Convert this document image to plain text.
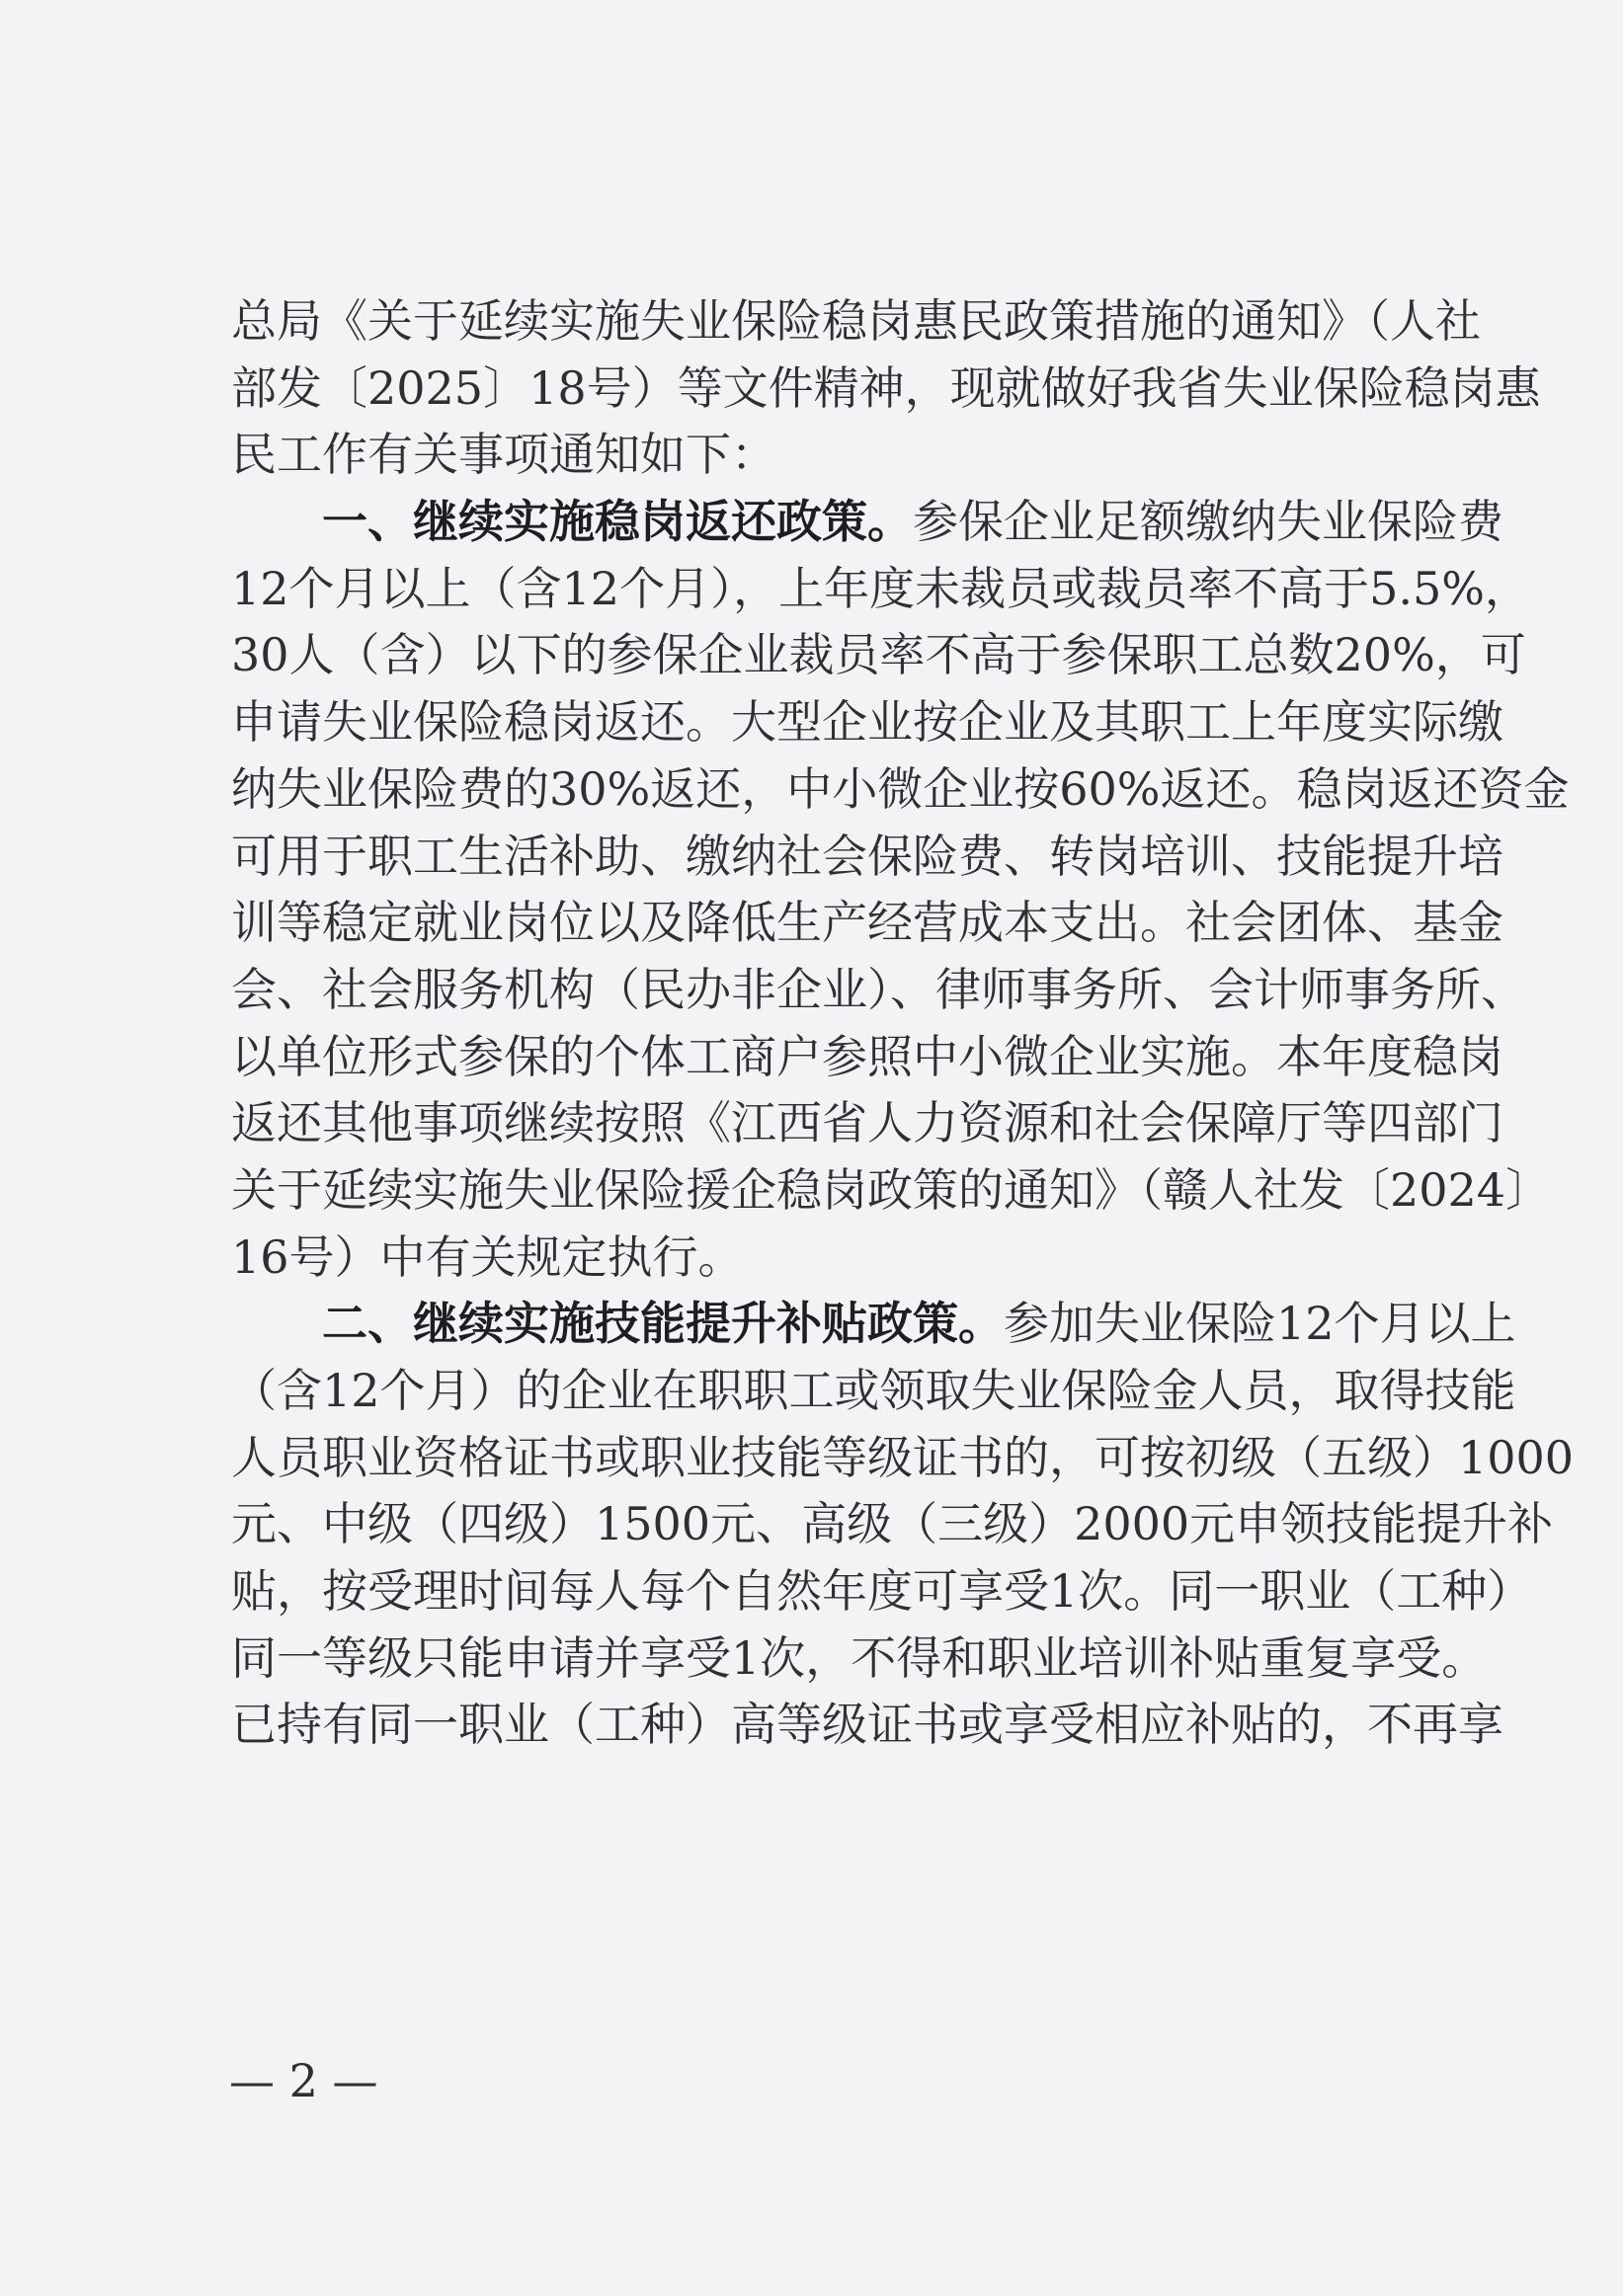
总局《关于延续实施失业保险稳岗惠民政策措施的通知》（人社
部发〔2025〕18号）等文件精神，现就做好我省失业保险稳岗惠
民工作有关事项通知如下：
一、继续实施稳岗返还政策。参保企业足额缴纳失业保险费
12个月以上（含12个月），上年度未裁员或裁员率不高于5.5%，
30人（含）以下的参保企业裁员率不高于参保职工总数20%，可
申请失业保险稳岗返还。大型企业按企业及其职工上年度实际缴
纳失业保险费的30%返还，中小微企业按60%返还。稳岗返还资金
可用于职工生活补助、缴纳社会保险费、转岗培训、技能提升培
训等稳定就业岗位以及降低生产经营成本支出。社会团体、基金
会、社会服务机构（民办非企业）、律师事务所、会计师事务所、
以单位形式参保的个体工商户参照中小微企业实施。本年度稳岗
返还其他事项继续按照《江西省人力资源和社会保障厅等四部门
关于延续实施失业保险援企稳岗政策的通知》（赣人社发〔2024〕
16号）中有关规定执行。
二、继续实施技能提升补贴政策。参加失业保险12个月以上
（含12个月）的企业在职职工或领取失业保险金人员，取得技能
人员职业资格证书或职业技能等级证书的，可按初级（五级）1000
元、中级（四级）1500元、高级（三级）2000元申领技能提升补
贴，按受理时间每人每个自然年度可享受1次。同一职业（工种）
同一等级只能申请并享受1次，不得和职业培训补贴重复享受。
已持有同一职业（工种）高等级证书或享受相应补贴的，不再享
— 2 —
